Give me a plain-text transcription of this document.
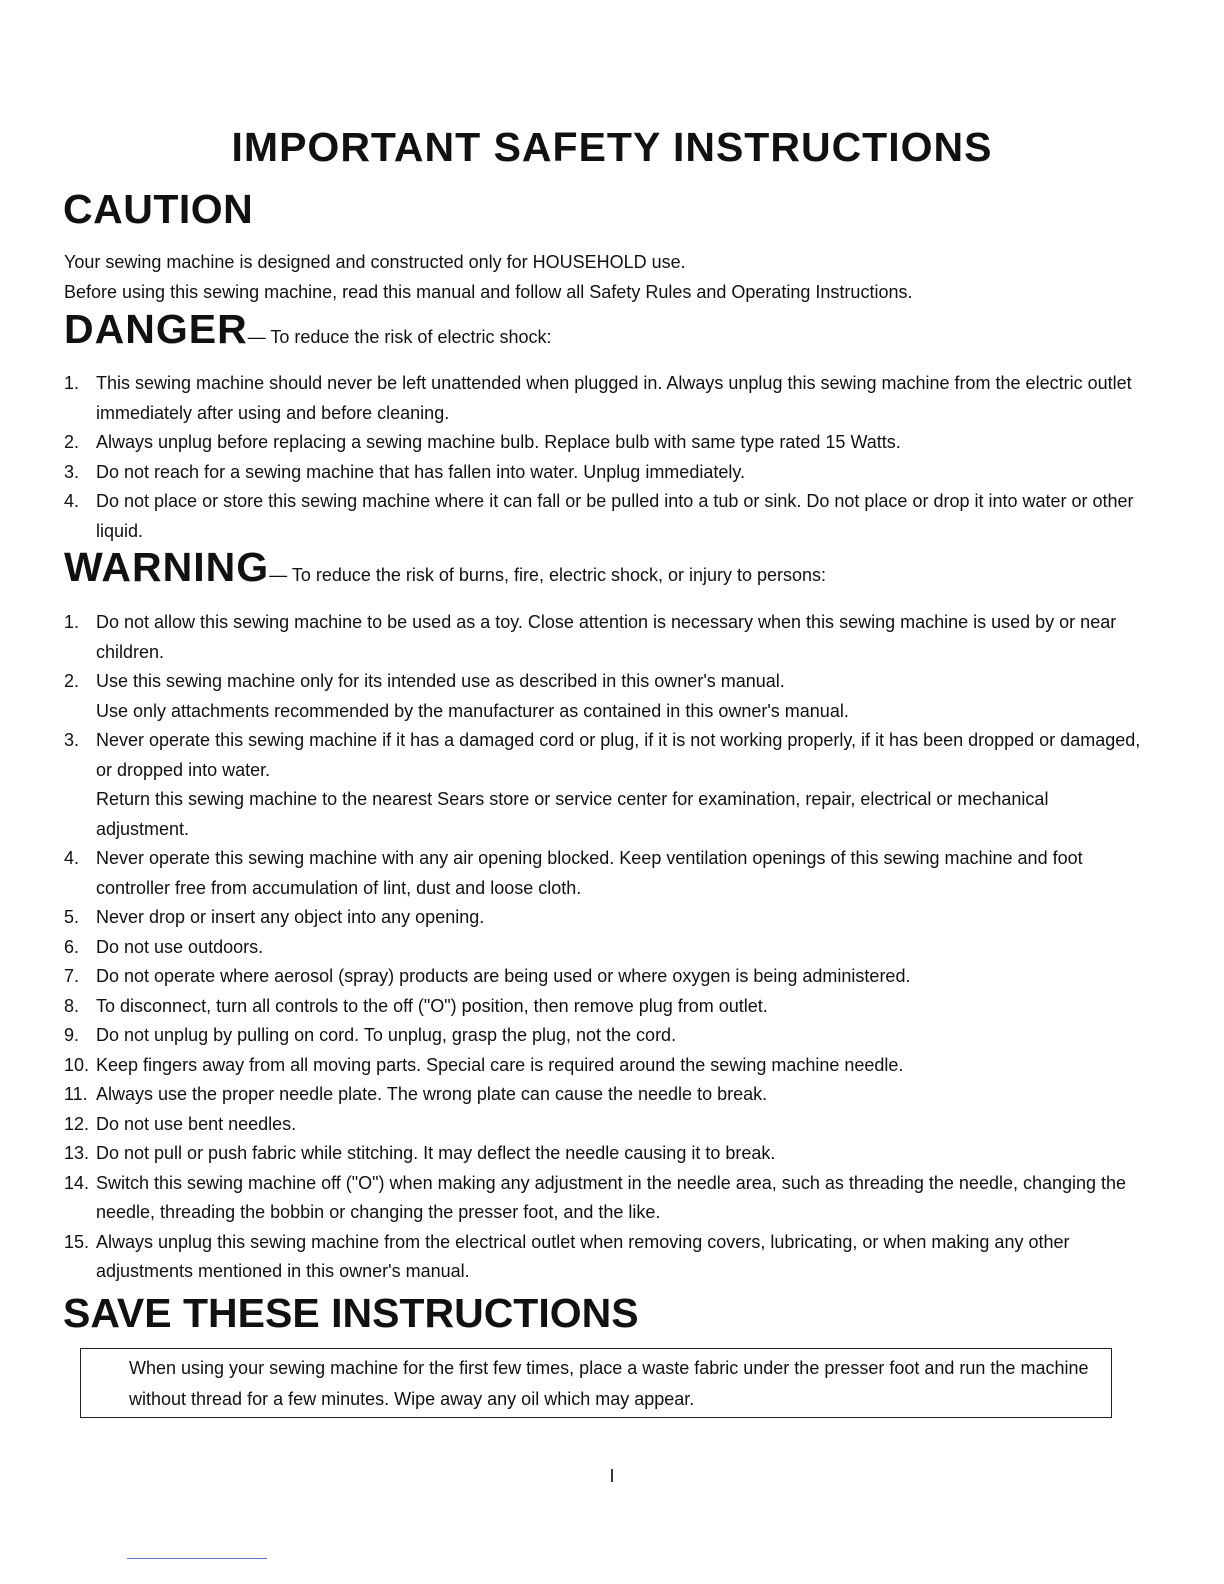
IMPORTANT SAFETY INSTRUCTIONS
CAUTION

Your sewing machine is designed and constructed only for HOUSEHOLD use.

Before using this sewing machine, read this manual and follow all Safety Rules and Operating Instructions.

DANGER— To reduce the risk of electric shock:
1. This sewing machine should never be left unattended when plugged in. Always unplug this sewing machine from the electric outlet immediately after using and before cleaning.
2. Always unplug before replacing a sewing machine bulb. Replace bulb with same type rated 15 Watts.
3. Do not reach for a sewing machine that has fallen into water. Unplug immediately.
4. Do not place or store this sewing machine where it can fall or be pulled into a tub or sink. Do not place or drop it into water or other liquid.
WARNING— To reduce the risk of burns, fire, electric shock, or injury to persons:
1. Do not allow this sewing machine to be used as a toy. Close attention is necessary when this sewing machine is used by or near children.
2. Use this sewing machine only for its intended use as described in this owner's manual.
Use only attachments recommended by the manufacturer as contained in this owner's manual.
3. Never operate this sewing machine if it has a damaged cord or plug, if it is not working properly, if it has been dropped or damaged, or dropped into water.
Return this sewing machine to the nearest Sears store or service center for examination, repair, electrical or mechanical adjustment.
4. Never operate this sewing machine with any air opening blocked. Keep ventilation openings of this sewing machine and foot controller free from accumulation of lint, dust and loose cloth.
5. Never drop or insert any object into any opening.
6. Do not use outdoors.
7. Do not operate where aerosol (spray) products are being used or where oxygen is being administered.
8. To disconnect, turn all controls to the off ("O") position, then remove plug from outlet.
9. Do not unplug by pulling on cord. To unplug, grasp the plug, not the cord.
10. Keep fingers away from all moving parts. Special care is required around the sewing machine needle.
11. Always use the proper needle plate. The wrong plate can cause the needle to break.
12. Do not use bent needles.
13. Do not pull or push fabric while stitching. It may deflect the needle causing it to break.
14. Switch this sewing machine off ("O") when making any adjustment in the needle area, such as threading the needle, changing the needle, threading the bobbin or changing the presser foot, and the like.
15. Always unplug this sewing machine from the electrical outlet when removing covers, lubricating, or when making any other adjustments mentioned in this owner's manual.
SAVE THESE INSTRUCTIONS
When using your sewing machine for the first few times, place a waste fabric under the presser foot and run the machine without thread for a few minutes. Wipe away any oil which may appear.
I
